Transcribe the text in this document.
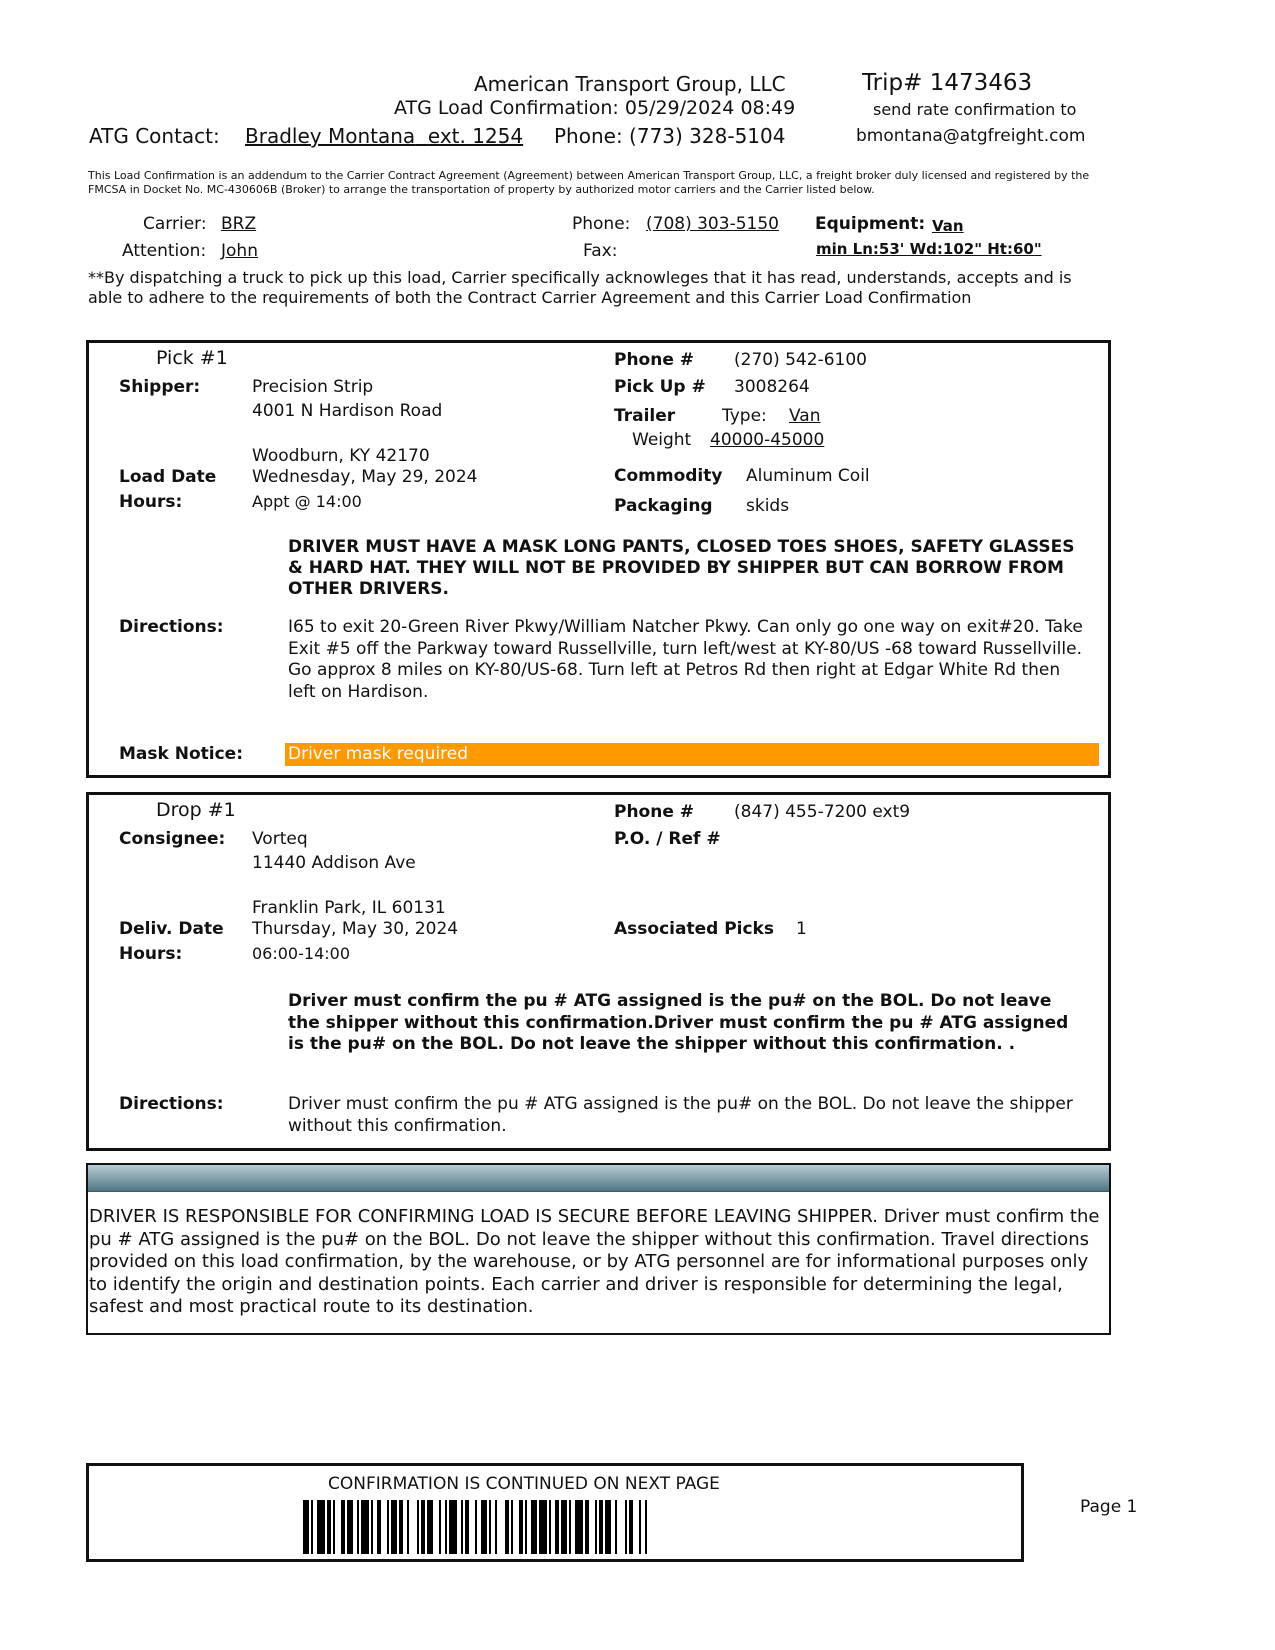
American Transport Group, LLC	Trip# 1473463
ATG Load Confirmation: 05/29/2024 08:49	send rate confirmation to
ATG Contact: Bradley Montana ext. 1254 Phone: (773) 328-5104	bmontana@atgfreight.com
This Load Confirmation is an addendum to the Carrier Contract Agreement (Agreement) between American Transport Group, LLC, a freight broker duly licensed and registered by the FMCSA in Docket No. MC-430606B (Broker) to arrange the transportation of property by authorized motor carriers and the Carrier listed below.
Carrier: BRZ
Attention: John
Phone: (708) 303-5150
Fax:
Equipment: Van
min Ln:53' Wd:102" Ht:60"
**By dispatching a truck to pick up this load, Carrier specifically acknowleges that it has read, understands, accepts and is able to adhere to the requirements of both the Contract Carrier Agreement and this Carrier Load Confirmation
Pick #1
Shipper:	Precision Strip
4001 N Hardison Road
Woodburn, KY 42170
Load Date Wednesday, May 29, 2024
Hours:	Appt @ 14:00
Phone # (270) 542-6100
Pick Up # 3008264
Trailer	Type: Van
Weight 40000-45000
Commodity Aluminum Coil
Packaging skids
DRIVER MUST HAVE A MASK LONG PANTS, CLOSED TOES SHOES, SAFETY GLASSES & HARD HAT. THEY WILL NOT BE PROVIDED BY SHIPPER BUT CAN BORROW FROM OTHER DRIVERS.
Directions:	I65 to exit 20-Green River Pkwy/William Natcher Pkwy. Can only go one way on exit#20. Take Exit #5 off the Parkway toward Russellville, turn left/west at KY-80/US -68 toward Russellville. Go approx 8 miles on KY-80/US-68. Turn left at Petros Rd then right at Edgar White Rd then left on Hardison.
Mask Notice:	Driver mask required
Drop #1
Consignee: Vorteq
11440 Addison Ave
Franklin Park, IL 60131
Deliv. Date Thursday, May 30, 2024
Hours:	06:00-14:00
Phone # (847) 455-7200 ext9
P.O. / Ref #
Associated Picks 1
Driver must confirm the pu # ATG assigned is the pu# on the BOL. Do not leave the shipper without this confirmation.Driver must confirm the pu # ATG assigned is the pu# on the BOL. Do not leave the shipper without this confirmation. .
Directions:	Driver must confirm the pu # ATG assigned is the pu# on the BOL. Do not leave the shipper without this confirmation.
DRIVER IS RESPONSIBLE FOR CONFIRMING LOAD IS SECURE BEFORE LEAVING SHIPPER. Driver must confirm the pu # ATG assigned is the pu# on the BOL. Do not leave the shipper without this confirmation. Travel directions provided on this load confirmation, by the warehouse, or by ATG personnel are for informational purposes only to identify the origin and destination points. Each carrier and driver is responsible for determining the legal, safest and most practical route to its destination.
CONFIRMATION IS CONTINUED ON NEXT PAGE
Page 1
